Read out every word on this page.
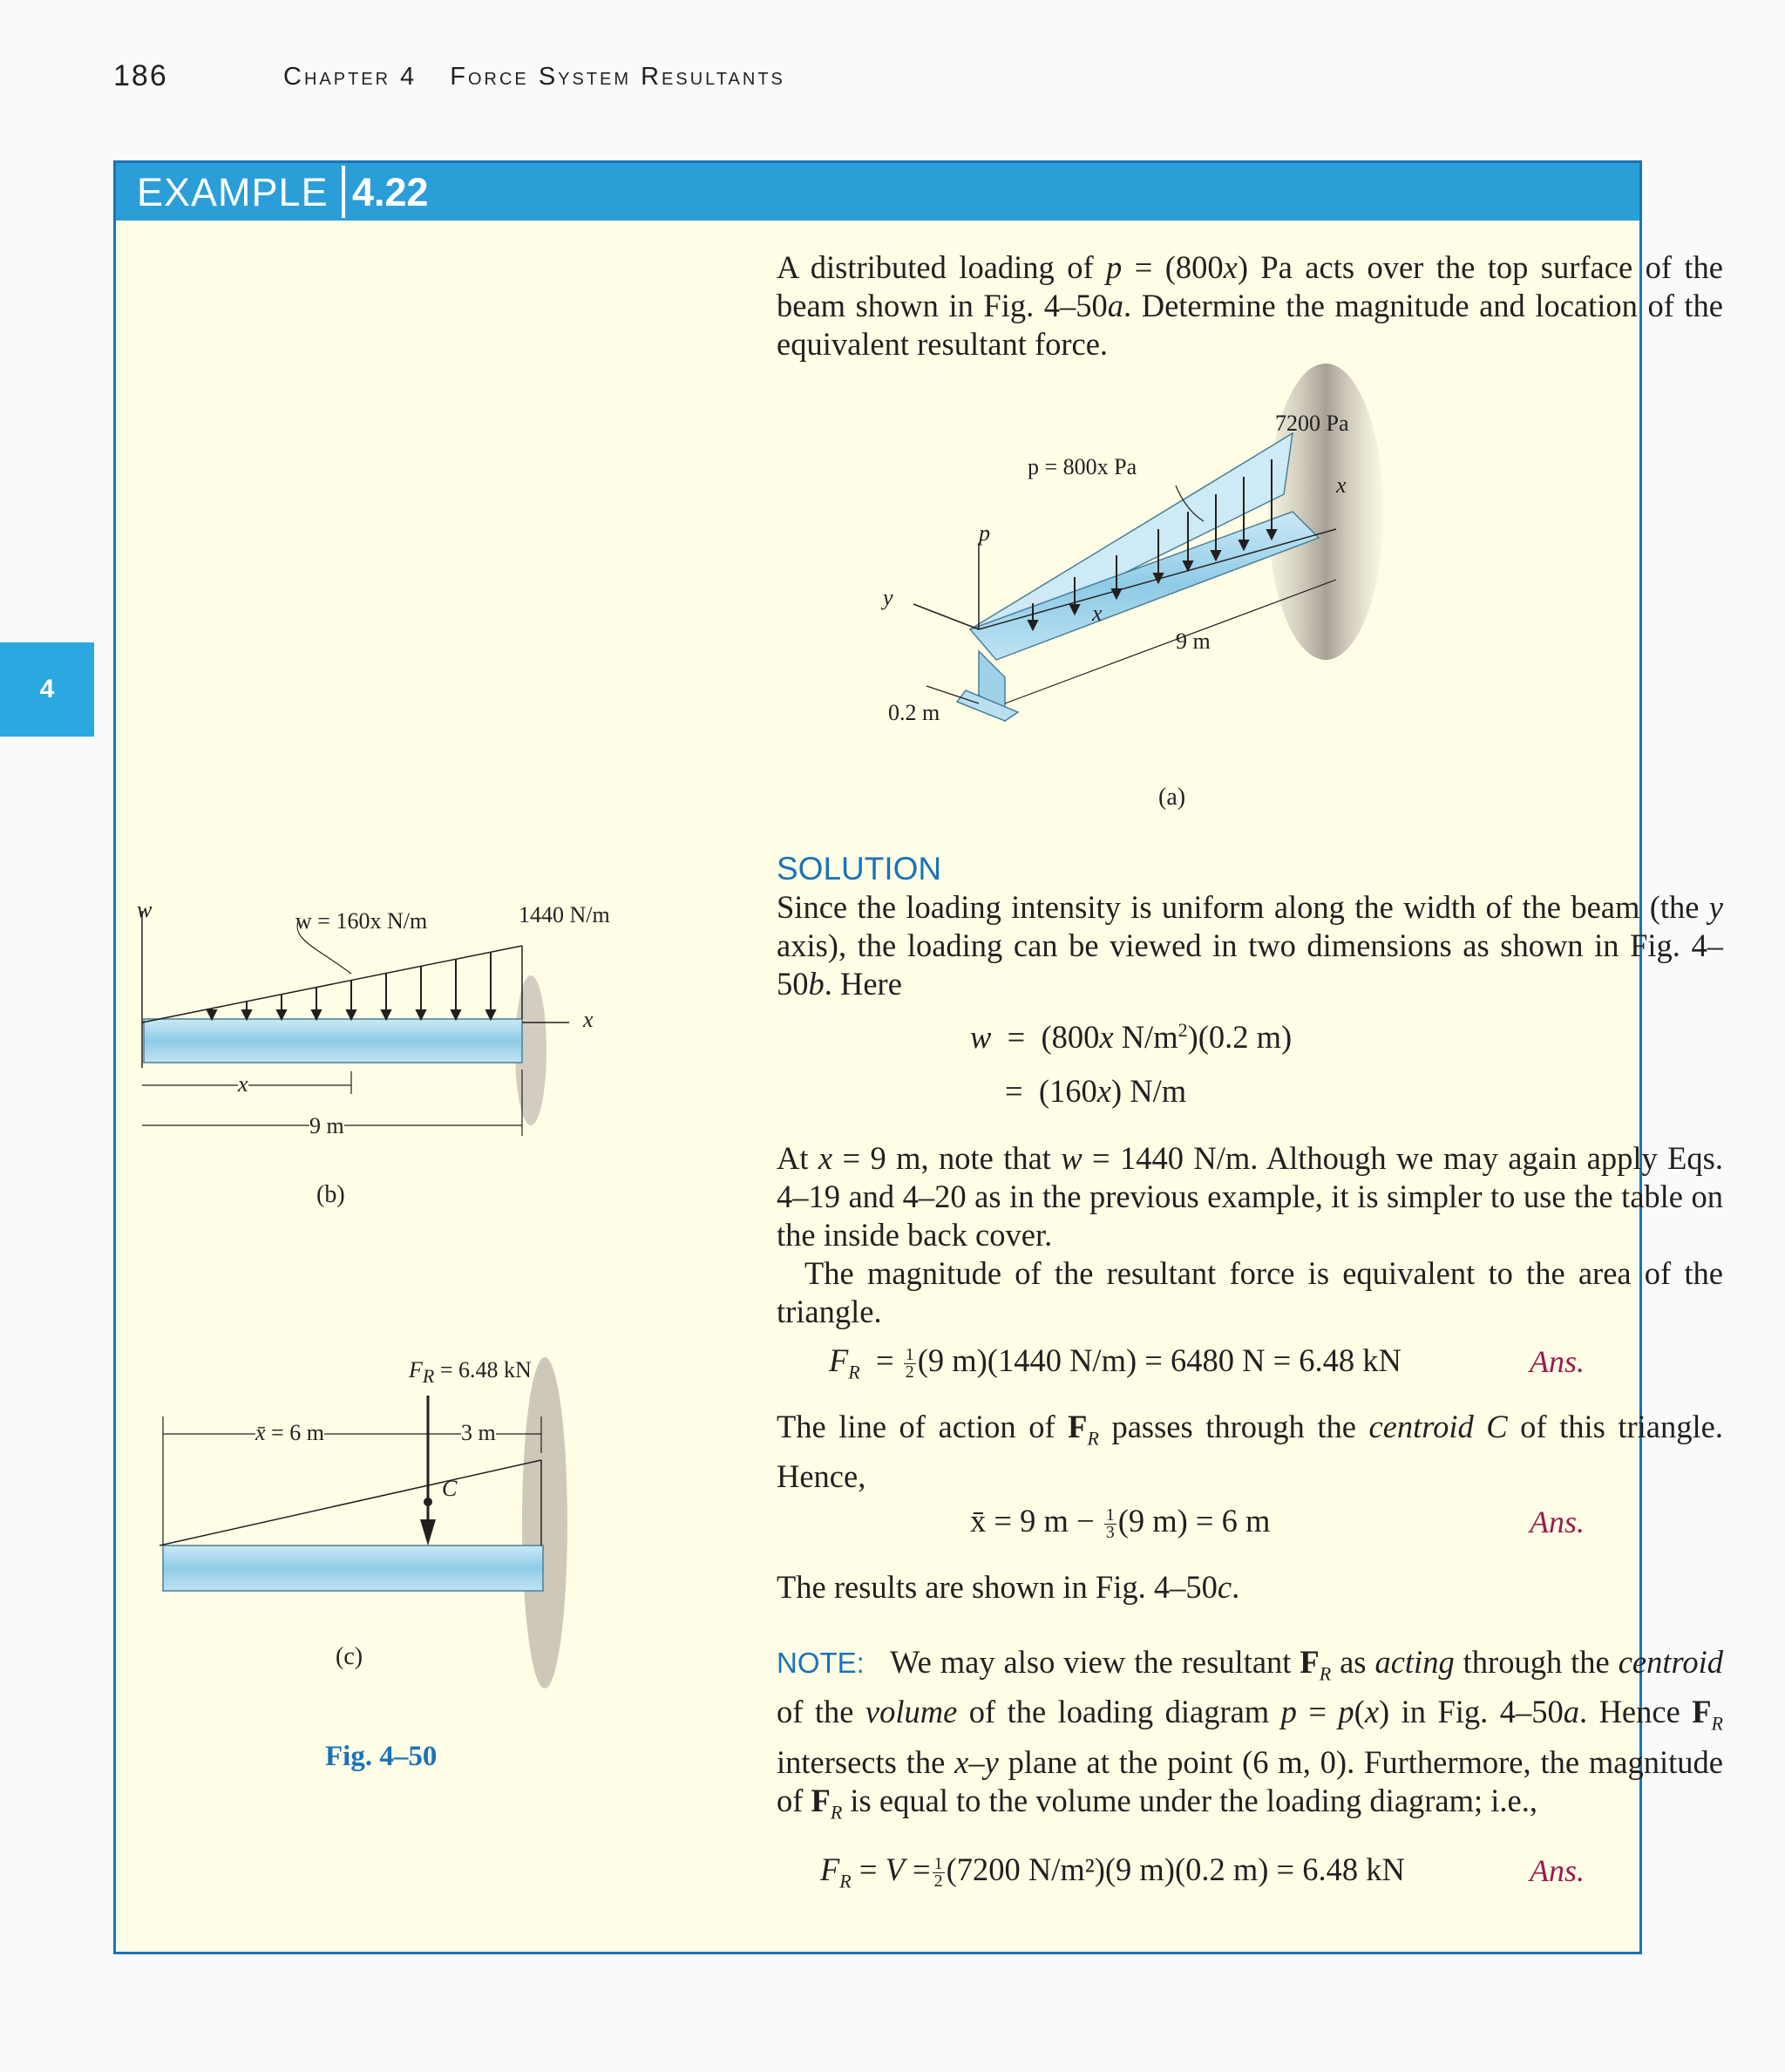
186	Chapter 4 Force System Resultants
4
EXAMPLE 4.22
A distributed loading of p = (800x) Pa acts over the top surface of the beam shown in Fig. 4–50a. Determine the magnitude and location of the equivalent resultant force.
7200 Pa
p = 800x Pa
p
y
x
x
9 m
0.2 m
(a)
SOLUTION
Since the loading intensity is uniform along the width of the beam (the y axis), the loading can be viewed in two dimensions as shown in Fig. 4–50b. Here
w  =  (800x $N/m^2)(0.2$ m)
=  (160x) N/m
At x = 9 m, note that w = 1440 N/m. Although we may again apply Eqs. 4–19 and 4–20 as in the previous example, it is simpler to use the table on the inside back cover.
The magnitude of the resultant force is equivalent to the area of the triangle.
$F_R = \frac{1}{2} (9$ m)(1440 N/m) = 6480 N = 6.48 kN	Ans.
The line of action of $F_R$ passes through the centroid C of this triangle. Hence,
x̄ = 9 $m - \frac{1}{3} (9$ m) = 6 m	Ans.
The results are shown in Fig. 4–50c.
NOTE:   We may also view the resultant $F_R$ as acting through the centroid of the volume of the loading diagram p = p(x) in Fig. 4–50a. Hence $F_R$ intersects the x–y plane at the point (6 m, 0). Furthermore, the magnitude of $F_R$ is equal to the volume under the loading diagram; i.e.,
$F_R = V = \frac{1}{2} (7200$ N/m²)(9 m)(0.2 m) = 6.48 kN	Ans.
w	w = 160x N/m	1440 N/m
x
x
9 m
(b)
$F_R = 6.48$ kN
x̄ = 6 m	3 m
C
(c)
Fig. 4–50
